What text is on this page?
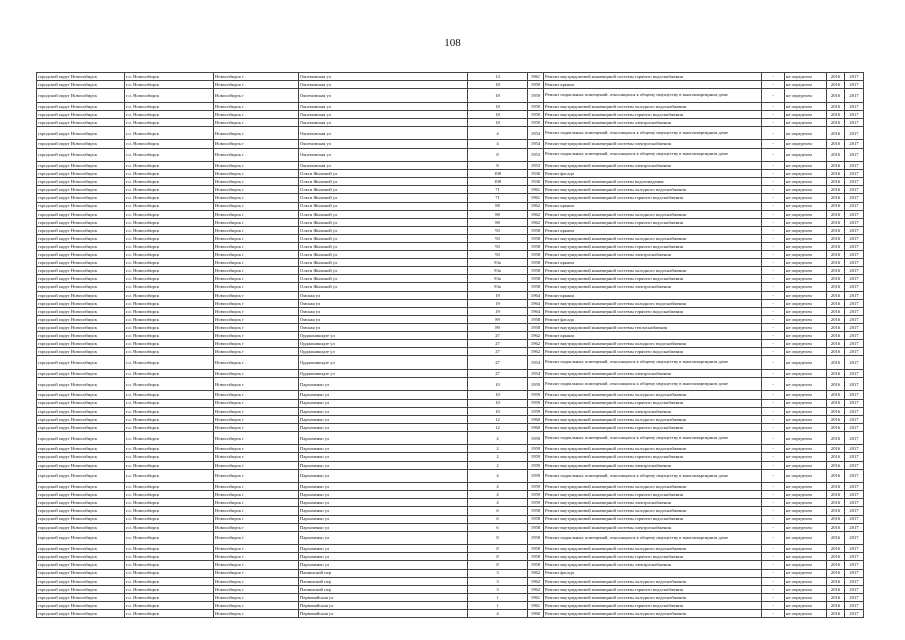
108
городской округ Новосибирск	г.о. Новосибирск	Новосибирск г	Окоемовская ул	14	1961	Ремонт внутридомовой инженерной системы горячего водоснабжения	-	не определен	2016	2017
городской округ Новосибирск	г.о. Новосибирск	Новосибирск г	Окоемовская ул	18	1959	Ремонт крыши	-	не определен	2016	2017
городской округ Новосибирск	г.о. Новосибирск	Новосибирск г	Окоемовская ул	18	1959	Ремонт подвальных помещений, относящихся к общему имуществу в многоквартирном доме	-	не определен	2016	2017
городской округ Новосибирск	г.о. Новосибирск	Новосибирск г	Окоемовская ул	18	1959	Ремонт внутридомовой инженерной системы холодного водоснабжения	-	не определен	2016	2017
городской округ Новосибирск	г.о. Новосибирск	Новосибирск г	Окоемовская ул	18	1959	Ремонт внутридомовой инженерной системы горячего водоснабжения	-	не определен	2016	2017
городской округ Новосибирск	г.о. Новосибирск	Новосибирск г	Окоемовская ул	18	1959	Ремонт внутридомовой инженерной системы электроснабжения	-	не определен	2016	2017
городской округ Новосибирск	г.о. Новосибирск	Новосибирск г	Окоемовская ул	4	1954	Ремонт подвальных помещений, относящихся к общему имуществу в многоквартирном доме	-	не определен	2016	2017
городской округ Новосибирск	г.о. Новосибирск	Новосибирск г	Окоемовская ул	4	1954	Ремонт внутридомовой инженерной системы электроснабжения	-	не определен	2016	2017
городской округ Новосибирск	г.о. Новосибирск	Новосибирск г	Окоемовская ул	8	1953	Ремонт подвальных помещений, относящихся к общему имуществу в многоквартирном доме	-	не определен	2016	2017
городской округ Новосибирск	г.о. Новосибирск	Новосибирск г	Окоемовская ул	8	1953	Ремонт внутридомовой инженерной системы электроснабжения	-	не определен	2016	2017
городской округ Новосибирск	г.о. Новосибирск	Новосибирск г	Ольги Жилиной ул	108	1936	Ремонт фасада	-	не определен	2016	2017
городской округ Новосибирск	г.о. Новосибирск	Новосибирск г	Ольги Жилиной ул	108	1936	Ремонт внутридомовой инженерной системы водоотведения	-	не определен	2016	2017
городской округ Новосибирск	г.о. Новосибирск	Новосибирск г	Ольги Жилиной ул	71	1961	Ремонт внутридомовой инженерной системы холодного водоснабжения	-	не определен	2016	2017
городской округ Новосибирск	г.о. Новосибирск	Новосибирск г	Ольги Жилиной ул	71	1961	Ремонт внутридомовой инженерной системы горячего водоснабжения	-	не определен	2016	2017
городской округ Новосибирск	г.о. Новосибирск	Новосибирск г	Ольги Жилиной ул	88	1962	Ремонт крыши	-	не определен	2016	2017
городской округ Новосибирск	г.о. Новосибирск	Новосибирск г	Ольги Жилиной ул	88	1962	Ремонт внутридомовой инженерной системы холодного водоснабжения	-	не определен	2016	2017
городской округ Новосибирск	г.о. Новосибирск	Новосибирск г	Ольги Жилиной ул	88	1962	Ремонт внутридомовой инженерной системы горячего водоснабжения	-	не определен	2016	2017
городской округ Новосибирск	г.о. Новосибирск	Новосибирск г	Ольги Жилиной ул	93	1958	Ремонт крыши	-	не определен	2016	2017
городской округ Новосибирск	г.о. Новосибирск	Новосибирск г	Ольги Жилиной ул	93	1958	Ремонт внутридомовой инженерной системы холодного водоснабжения	-	не определен	2016	2017
городской округ Новосибирск	г.о. Новосибирск	Новосибирск г	Ольги Жилиной ул	93	1958	Ремонт внутридомовой инженерной системы горячего водоснабжения	-	не определен	2016	2017
городской округ Новосибирск	г.о. Новосибирск	Новосибирск г	Ольги Жилиной ул	93	1958	Ремонт внутридомовой инженерной системы электроснабжения	-	не определен	2016	2017
городской округ Новосибирск	г.о. Новосибирск	Новосибирск г	Ольги Жилиной ул	93а	1958	Ремонт крыши	-	не определен	2016	2017
городской округ Новосибирск	г.о. Новосибирск	Новосибирск г	Ольги Жилиной ул	93а	1958	Ремонт внутридомовой инженерной системы холодного водоснабжения	-	не определен	2016	2017
городской округ Новосибирск	г.о. Новосибирск	Новосибирск г	Ольги Жилиной ул	93а	1958	Ремонт внутридомовой инженерной системы горячего водоснабжения	-	не определен	2016	2017
городской округ Новосибирск	г.о. Новосибирск	Новосибирск г	Ольги Жилиной ул	93а	1958	Ремонт внутридомовой инженерной системы электроснабжения	-	не определен	2016	2017
городской округ Новосибирск	г.о. Новосибирск	Новосибирск г	Омская ул	19	1964	Ремонт крыши	-	не определен	2016	2017
городской округ Новосибирск	г.о. Новосибирск	Новосибирск г	Омская ул	19	1964	Ремонт внутридомовой инженерной системы холодного водоснабжения	-	не определен	2016	2017
городской округ Новосибирск	г.о. Новосибирск	Новосибирск г	Омская ул	19	1964	Ремонт внутридомовой инженерной системы горячего водоснабжения	-	не определен	2016	2017
городской округ Новосибирск	г.о. Новосибирск	Новосибирск г	Омская ул	89	1958	Ремонт фасада	-	не определен	2016	2017
городской округ Новосибирск	г.о. Новосибирск	Новосибирск г	Омская ул	89	1958	Ремонт внутридомовой инженерной системы теплоснабжения	-	не определен	2016	2017
городской округ Новосибирск	г.о. Новосибирск	Новосибирск г	Орджоникидзе ул	27	1962	Ремонт крыши	-	не определен	2016	2017
городской округ Новосибирск	г.о. Новосибирск	Новосибирск г	Орджоникидзе ул	27	1962	Ремонт внутридомовой инженерной системы холодного водоснабжения	-	не определен	2016	2017
городской округ Новосибирск	г.о. Новосибирск	Новосибирск г	Орджоникидзе ул	27	1962	Ремонт внутридомовой инженерной системы горячего водоснабжения	-	не определен	2016	2017
городской округ Новосибирск	г.о. Новосибирск	Новосибирск г	Орджоникидзе ул	27	1954	Ремонт подвальных помещений, относящихся к общему имуществу в многоквартирном доме	-	не определен	2016	2017
городской округ Новосибирск	г.о. Новосибирск	Новосибирск г	Орджоникидзе ул	27	1954	Ремонт внутридомовой инженерной системы электроснабжения	-	не определен	2016	2017
городской округ Новосибирск	г.о. Новосибирск	Новосибирск г	Пархоменко ул	10	1959	Ремонт подвальных помещений, относящихся к общему имуществу в многоквартирном доме	-	не определен	2016	2017
городской округ Новосибирск	г.о. Новосибирск	Новосибирск г	Пархоменко ул	10	1959	Ремонт внутридомовой инженерной системы холодного водоснабжения	-	не определен	2016	2017
городской округ Новосибирск	г.о. Новосибирск	Новосибирск г	Пархоменко ул	10	1959	Ремонт внутридомовой инженерной системы горячего водоснабжения	-	не определен	2016	2017
городской округ Новосибирск	г.о. Новосибирск	Новосибирск г	Пархоменко ул	10	1959	Ремонт внутридомовой инженерной системы электроснабжения	-	не определен	2016	2017
городской округ Новосибирск	г.о. Новосибирск	Новосибирск г	Пархоменко ул	12	1960	Ремонт внутридомовой инженерной системы холодного водоснабжения	-	не определен	2016	2017
городской округ Новосибирск	г.о. Новосибирск	Новосибирск г	Пархоменко ул	12	1960	Ремонт внутридомовой инженерной системы горячего водоснабжения	-	не определен	2016	2017
городской округ Новосибирск	г.о. Новосибирск	Новосибирск г	Пархоменко ул	2	1959	Ремонт подвальных помещений, относящихся к общему имуществу в многоквартирном доме	-	не определен	2016	2017
городской округ Новосибирск	г.о. Новосибирск	Новосибирск г	Пархоменко ул	2	1959	Ремонт внутридомовой инженерной системы холодного водоснабжения	-	не определен	2016	2017
городской округ Новосибирск	г.о. Новосибирск	Новосибирск г	Пархоменко ул	2	1959	Ремонт внутридомовой инженерной системы горячего водоснабжения	-	не определен	2016	2017
городской округ Новосибирск	г.о. Новосибирск	Новосибирск г	Пархоменко ул	2	1959	Ремонт внутридомовой инженерной системы электроснабжения	-	не определен	2016	2017
городской округ Новосибирск	г.о. Новосибирск	Новосибирск г	Пархоменко ул	4	1959	Ремонт подвальных помещений, относящихся к общему имуществу в многоквартирном доме	-	не определен	2016	2017
городской округ Новосибирск	г.о. Новосибирск	Новосибирск г	Пархоменко ул	4	1959	Ремонт внутридомовой инженерной системы холодного водоснабжения	-	не определен	2016	2017
городской округ Новосибирск	г.о. Новосибирск	Новосибирск г	Пархоменко ул	4	1959	Ремонт внутридомовой инженерной системы горячего водоснабжения	-	не определен	2016	2017
городской округ Новосибирск	г.о. Новосибирск	Новосибирск г	Пархоменко ул	4	1959	Ремонт внутридомовой инженерной системы электроснабжения	-	не определен	2016	2017
городской округ Новосибирск	г.о. Новосибирск	Новосибирск г	Пархоменко ул	6	1958	Ремонт внутридомовой инженерной системы холодного водоснабжения	-	не определен	2016	2017
городской округ Новосибирск	г.о. Новосибирск	Новосибирск г	Пархоменко ул	6	1958	Ремонт внутридомовой инженерной системы горячего водоснабжения	-	не определен	2016	2017
городской округ Новосибирск	г.о. Новосибирск	Новосибирск г	Пархоменко ул	6	1958	Ремонт внутридомовой инженерной системы электроснабжения	-	не определен	2016	2017
городской округ Новосибирск	г.о. Новосибирск	Новосибирск г	Пархоменко ул	8	1958	Ремонт подвальных помещений, относящихся к общему имуществу в многоквартирном доме	-	не определен	2016	2017
городской округ Новосибирск	г.о. Новосибирск	Новосибирск г	Пархоменко ул	8	1958	Ремонт внутридомовой инженерной системы холодного водоснабжения	-	не определен	2016	2017
городской округ Новосибирск	г.о. Новосибирск	Новосибирск г	Пархоменко ул	8	1958	Ремонт внутридомовой инженерной системы горячего водоснабжения	-	не определен	2016	2017
городской округ Новосибирск	г.о. Новосибирск	Новосибирск г	Пархоменко ул	8	1958	Ремонт внутридомовой инженерной системы электроснабжения	-	не определен	2016	2017
городской округ Новосибирск	г.о. Новосибирск	Новосибирск г	Пашинский пер	3	1962	Ремонт фасада	-	не определен	2016	2017
городской округ Новосибирск	г.о. Новосибирск	Новосибирск г	Пашинский пер	3	1962	Ремонт внутридомовой инженерной системы холодного водоснабжения	-	не определен	2016	2017
городской округ Новосибирск	г.о. Новосибирск	Новосибирск г	Пашинский пер	3	1962	Ремонт внутридомовой инженерной системы горячего водоснабжения	-	не определен	2016	2017
городской округ Новосибирск	г.о. Новосибирск	Новосибирск г	Первомайская ул	1	1961	Ремонт внутридомовой инженерной системы холодного водоснабжения	-	не определен	2016	2017
городской округ Новосибирск	г.о. Новосибирск	Новосибирск г	Первомайская ул	1	1961	Ремонт внутридомовой инженерной системы горячего водоснабжения	-	не определен	2016	2017
городской округ Новосибирск	г.о. Новосибирск	Новосибирск г	Первомайская ул	4	1960	Ремонт внутридомовой инженерной системы холодного водоснабжения	-	не определен	2016	2017
